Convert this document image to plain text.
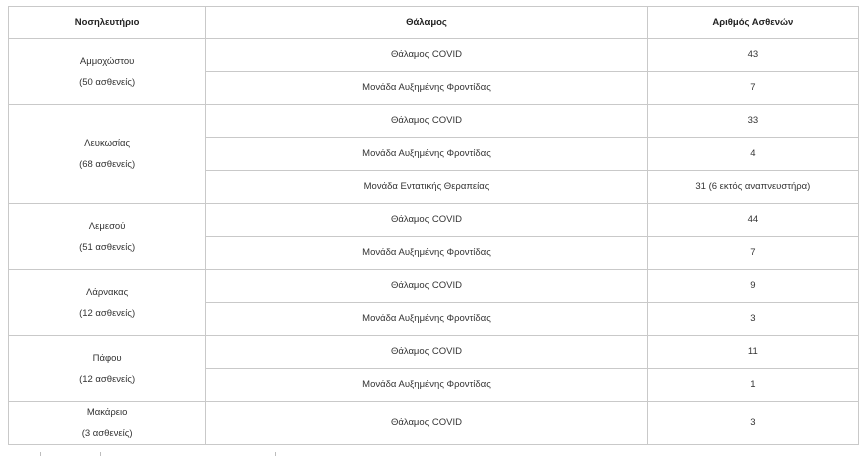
Νοσηλευτήριο	Θάλαμος	Αριθμός Ασθενών

Αμμοχώστου
(50 ασθενείς)	Θάλαμος COVID	43
	Μονάδα Αυξημένης Φροντίδας	7

Λευκωσίας
(68 ασθενείς)	Θάλαμος COVID	33
	Μονάδα Αυξημένης Φροντίδας	4
	Μονάδα Εντατικής Θεραπείας	31 (6 εκτός αναπνευστήρα)

Λεμεσού
(51 ασθενείς)	Θάλαμος COVID	44
	Μονάδα Αυξημένης Φροντίδας	7

Λάρνακας
(12 ασθενείς)	Θάλαμος COVID	9
	Μονάδα Αυξημένης Φροντίδας	3

Πάφου
(12 ασθενείς)	Θάλαμος COVID	11
	Μονάδα Αυξημένης Φροντίδας	1

Μακάρειο
(3 ασθενείς)	Θάλαμος COVID	3
